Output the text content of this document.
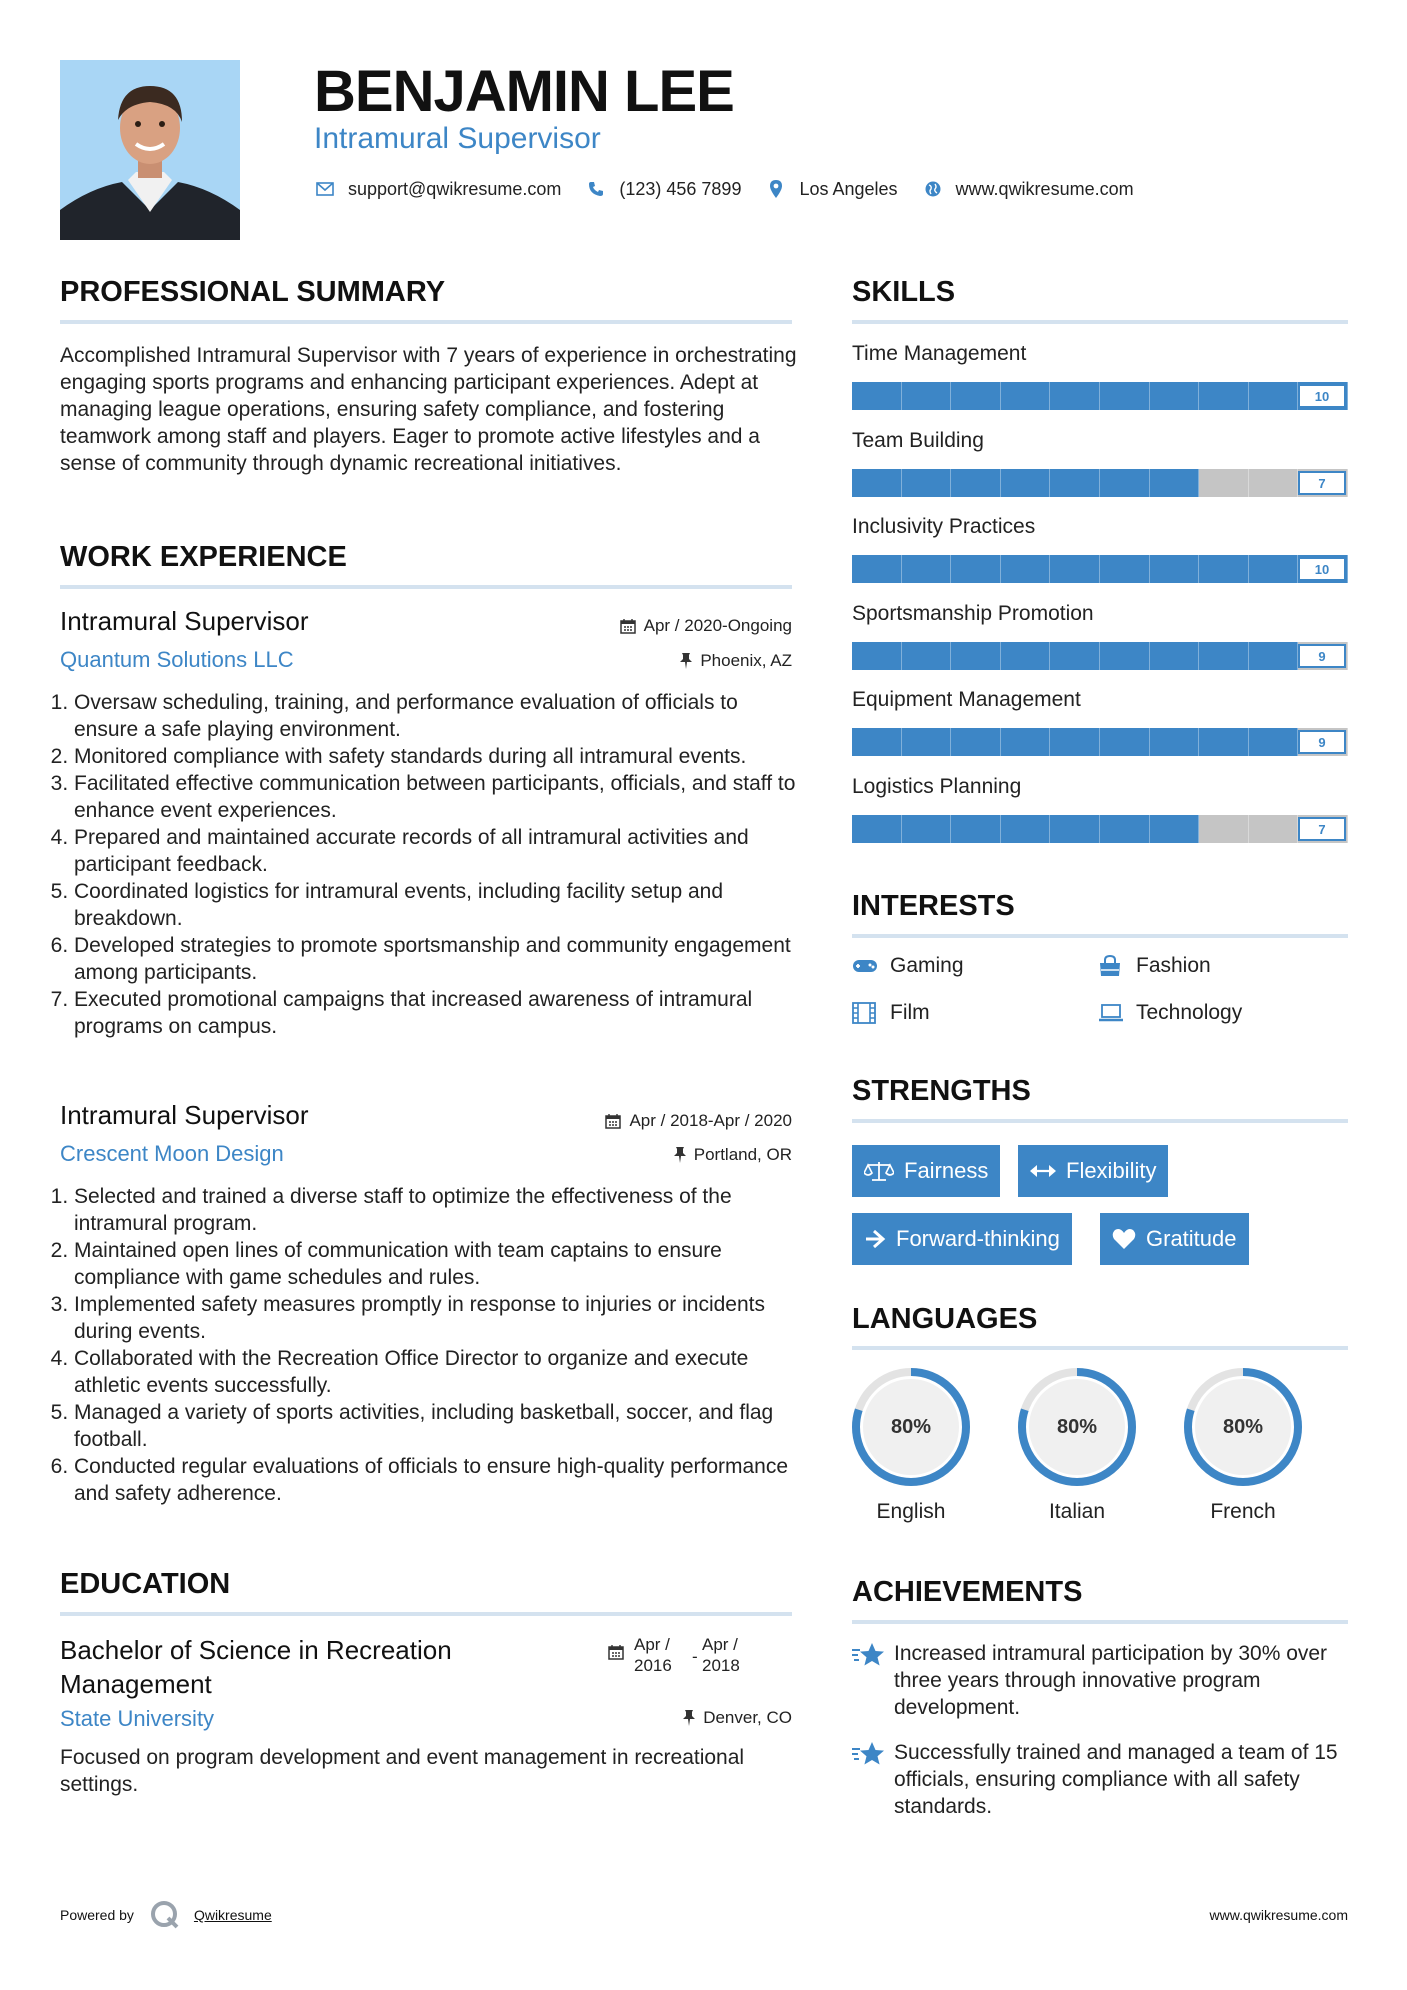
BENJAMIN LEE
Intramural Supervisor
support@qwikresume.com	(123) 456 7899	Los Angeles	www.qwikresume.com
PROFESSIONAL SUMMARY
Accomplished Intramural Supervisor with 7 years of experience in orchestrating engaging sports programs and enhancing participant experiences. Adept at managing league operations, ensuring safety compliance, and fostering teamwork among staff and players. Eager to promote active lifestyles and a sense of community through dynamic recreational initiatives.
WORK EXPERIENCE
Intramural Supervisor	Apr / 2020-Ongoing
Quantum Solutions LLC	Phoenix, AZ
1. Oversaw scheduling, training, and performance evaluation of officials to ensure a safe playing environment.
2. Monitored compliance with safety standards during all intramural events.
3. Facilitated effective communication between participants, officials, and staff to enhance event experiences.
4. Prepared and maintained accurate records of all intramural activities and participant feedback.
5. Coordinated logistics for intramural events, including facility setup and breakdown.
6. Developed strategies to promote sportsmanship and community engagement among participants.
7. Executed promotional campaigns that increased awareness of intramural programs on campus.
Intramural Supervisor	Apr / 2018-Apr / 2020
Crescent Moon Design	Portland, OR
1. Selected and trained a diverse staff to optimize the effectiveness of the intramural program.
2. Maintained open lines of communication with team captains to ensure compliance with game schedules and rules.
3. Implemented safety measures promptly in response to injuries or incidents during events.
4. Collaborated with the Recreation Office Director to organize and execute athletic events successfully.
5. Managed a variety of sports activities, including basketball, soccer, and flag football.
6. Conducted regular evaluations of officials to ensure high-quality performance and safety adherence.
EDUCATION
Bachelor of Science in Recreation
Management
Apr /
2016	-
Apr /
2018
State University	Denver, CO
Focused on program development and event management in recreational settings.
SKILLS
Time Management
10
Team Building
7
Inclusivity Practices
10
Sportsmanship Promotion
9
Equipment Management
9
Logistics Planning
7
INTERESTS
Gaming	Fashion
Film	Technology
STRENGTHS
Fairness	Flexibility
Forward-thinking	Gratitude
LANGUAGES
80%
English
80%
Italian
80%
French
ACHIEVEMENTS
Increased intramural participation by 30% over three years through innovative program development.
Successfully trained and managed a team of 15 officials, ensuring compliance with all safety standards.
Powered by	Qwikresume	www.qwikresume.com
